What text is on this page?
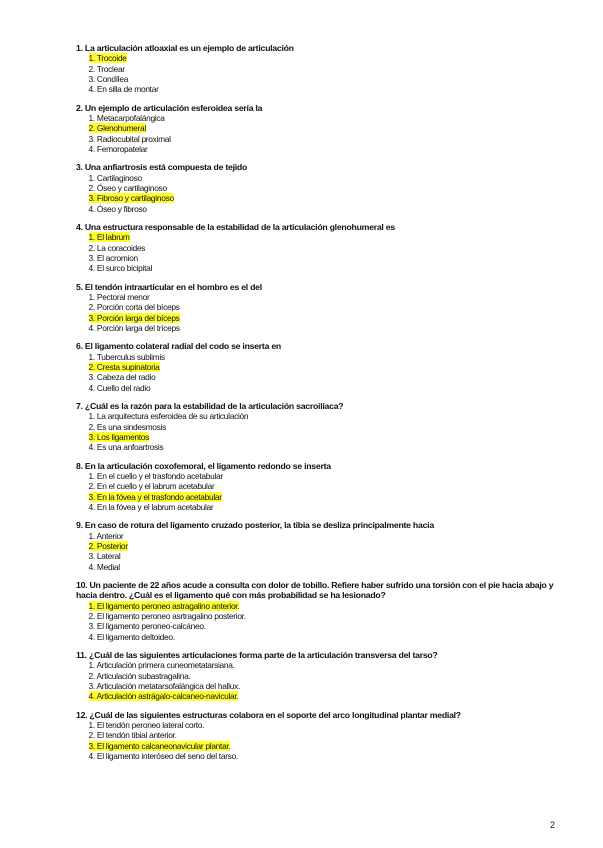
1. La articulación atloaxial es un ejemplo de articulación
1. Trocoide
2. Troclear
3. Condílea
4. En silla de montar
2. Un ejemplo de articulación esferoidea sería la
1. Metacarpofalángica
2. Glenohumeral
3. Radiocubital proximal
4. Femoropatelar
3. Una anfiartrosis está compuesta de tejido
1. Cartilaginoso
2. Óseo y cartilaginoso
3. Fibroso y cartilaginoso
4. Óseo y fibroso
4. Una estructura responsable de la estabilidad de la articulación glenohumeral es
1. El labrum
2. La coracoides
3. El acromion
4. El surco bicipital
5. El tendón intraarticular en el hombro es el del
1. Pectoral menor
2. Porción corta del bíceps
3. Porción larga del bíceps
4. Porción larga del tríceps
6. El ligamento colateral radial del codo se inserta en
1. Tuberculus sublimis
2. Cresta supinatoria
3. Cabeza del radio
4. Cuello del radio
7. ¿Cuál es la razón para la estabilidad de la articulación sacroilíaca?
1. La arquitectura esferoidea de su articulación
2. Es una sindesmosis
3. Los ligamentos
4. Es una anfoartrosis
8. En la articulación coxofemoral, el ligamento redondo se inserta
1. En el cuello y el trasfondo acetabular
2. En el cuello y el labrum acetabular
3. En la fóvea y el trasfondo acetabular
4. En la fóvea y el labrum acetabular
9. En caso de rotura del ligamento cruzado posterior, la tibia se desliza principalmente hacia
1. Anterior
2. Posterior
3. Lateral
4. Medial
10. Un paciente de 22 años acude a consulta con dolor de tobillo. Refiere haber sufrido una torsión con el pie hacia abajo y hacia dentro. ¿Cuál es el ligamento qué con más probabilidad se ha lesionado?
1. El ligamento peroneo astragalino anterior.
2. El ligamento peroneo asrtragalino posterior.
3. El ligamento peroneo-calcáneo.
4. El ligamento deltoideo.
11. ¿Cuál de las siguientes articulaciones forma parte de la articulación transversa del tarso?
1. Articulación primera cuneometatarsiana.
2. Articulación subastragalina.
3. Articulación metatarsofalángica del hallux.
4. Articulación astrágalo-calcaneo-navicular.
12. ¿Cuál de las siguientes estructuras colabora en el soporte del arco longitudinal plantar medial?
1. El tendón peroneo lateral corto.
2. El tendón tibial anterior.
3. El ligamento calcaneonavicular plantar.
4. El ligamento interóseo del seno del tarso.
2
